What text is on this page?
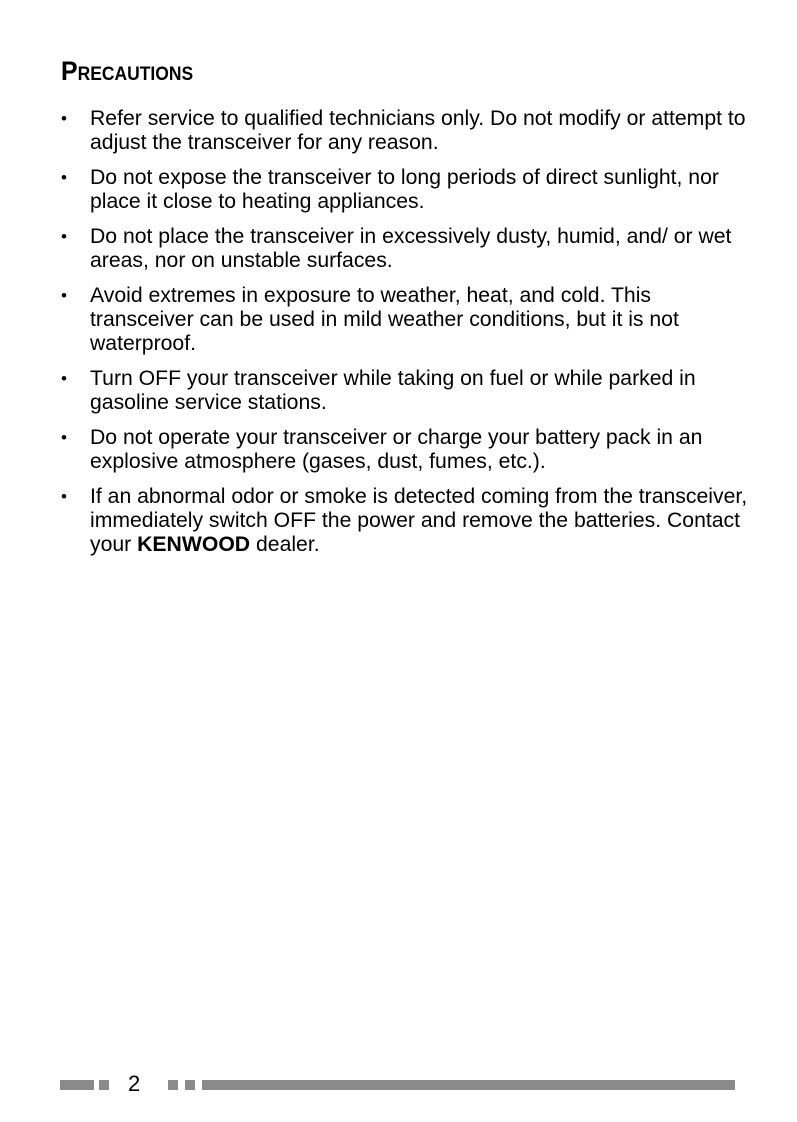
Precautions
• Refer service to qualified technicians only. Do not modify or attempt to adjust the transceiver for any reason.
• Do not expose the transceiver to long periods of direct sunlight, nor place it close to heating appliances.
• Do not place the transceiver in excessively dusty, humid, and/ or wet areas, nor on unstable surfaces.
• Avoid extremes in exposure to weather, heat, and cold. This transceiver can be used in mild weather conditions, but it is not waterproof.
• Turn OFF your transceiver while taking on fuel or while parked in gasoline service stations.
• Do not operate your transceiver or charge your battery pack in an explosive atmosphere (gases, dust, fumes, etc.).
• If an abnormal odor or smoke is detected coming from the transceiver, immediately switch OFF the power and remove the batteries. Contact your KENWOOD dealer.
2
